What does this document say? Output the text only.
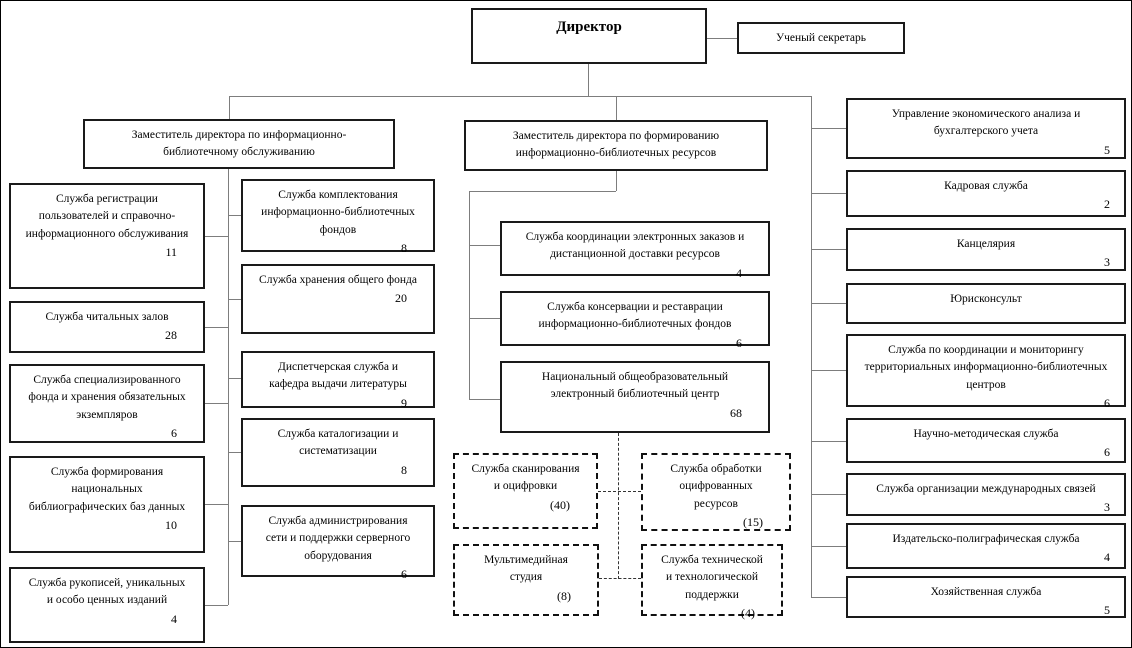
Директор
Ученый секретарь
Заместитель директора по информационно-библиотечному обслуживанию
Заместитель директора по формированию информационно-библиотечных ресурсов
Служба регистрации пользователей и справочно-информационного обслуживания
11
Служба читальных залов
28
Служба специализированного фонда и хранения обязательных экземпляров
6
Служба формирования национальных библиографических баз данных
10
Служба рукописей, уникальных и особо ценных изданий
4
Служба комплектования информационно-библиотечных фондов
8
Служба хранения общего фонда
20
Диспетчерская служба и кафедра выдачи литературы
9
Служба каталогизации и систематизации
8
Служба администрирования сети и поддержки серверного оборудования
6
Служба координации электронных заказов и дистанционной доставки ресурсов
4
Служба консервации и реставрации информационно-библиотечных фондов
6
Национальный общеобразовательный электронный библиотечный центр
68
Служба сканирования и оцифровки
(40)
Служба обработки оцифрованных ресурсов
(15)
Мультимедийная студия
(8)
Служба технической и технологической поддержки
(4)
Управление экономического анализа и бухгалтерского учета
5
Кадровая служба
2
Канцелярия
3
Юрисконсульт
Служба по координации и мониторингу территориальных информационно-библиотечных центров
6
Научно-методическая служба
6
Служба организации международных связей
3
Издательско-полиграфическая служба
4
Хозяйственная служба
5
